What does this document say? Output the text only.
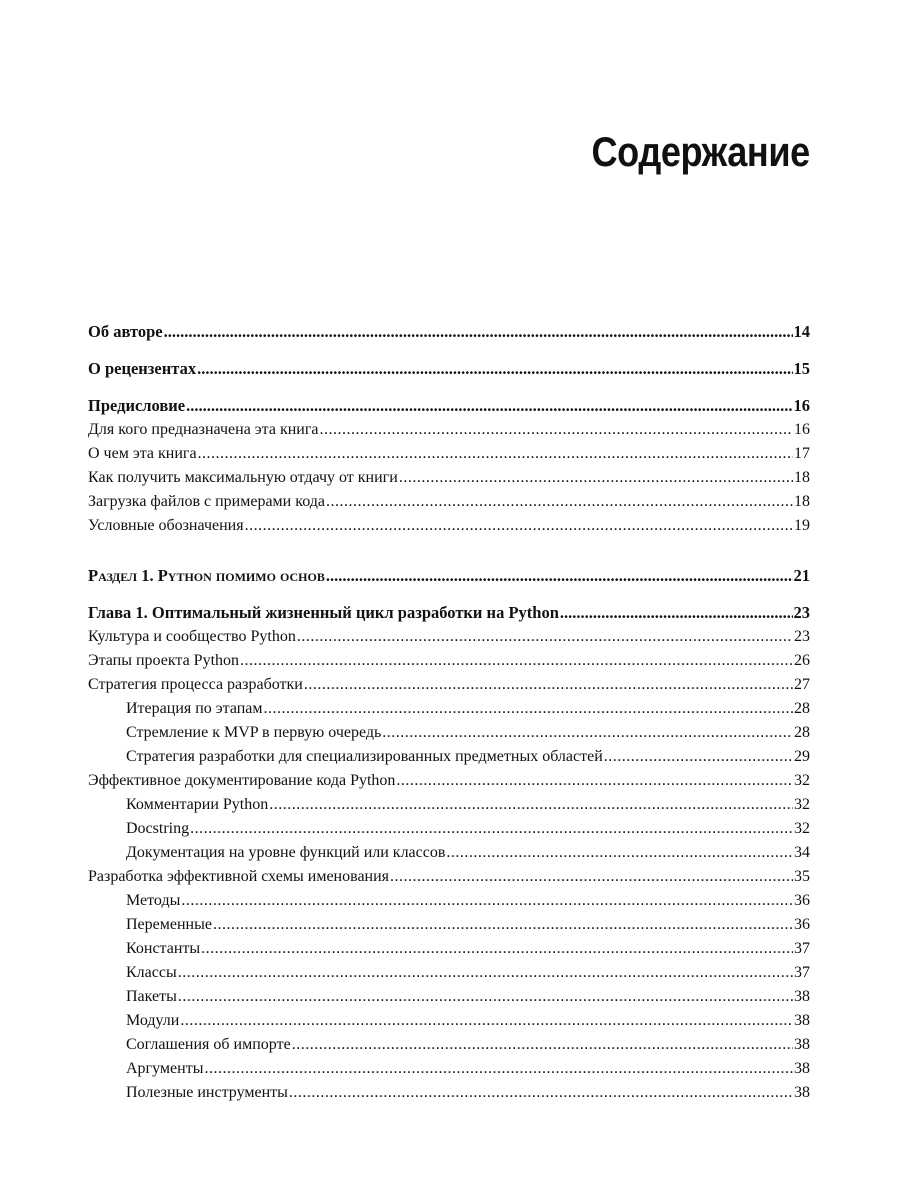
Содержание
Об авторе .....	14
О рецензентах .....	15
Предисловие .....	16
Для кого предназначена эта книга .....	16
О чем эта книга .....	17
Как получить максимальную отдачу от книги .....	18
Загрузка файлов с примерами кода .....	18
Условные обозначения .....	19
Раздел 1. Python помимо основ .....	21
Глава 1. Оптимальный жизненный цикл разработки на Python .....	23
Культура и сообщество Python .....	23
Этапы проекта Python .....	26
Стратегия процесса разработки .....	27
Итерация по этапам .....	28
Стремление к MVP в первую очередь .....	28
Стратегия разработки для специализированных предметных областей .....	29
Эффективное документирование кода Python .....	32
Комментарии Python .....	32
Docstring .....	32
Документация на уровне функций или классов .....	34
Разработка эффективной схемы именования .....	35
Методы .....	36
Переменные .....	36
Константы .....	37
Классы .....	37
Пакеты .....	38
Модули .....	38
Соглашения об импорте .....	38
Аргументы .....	38
Полезные инструменты .....	38
